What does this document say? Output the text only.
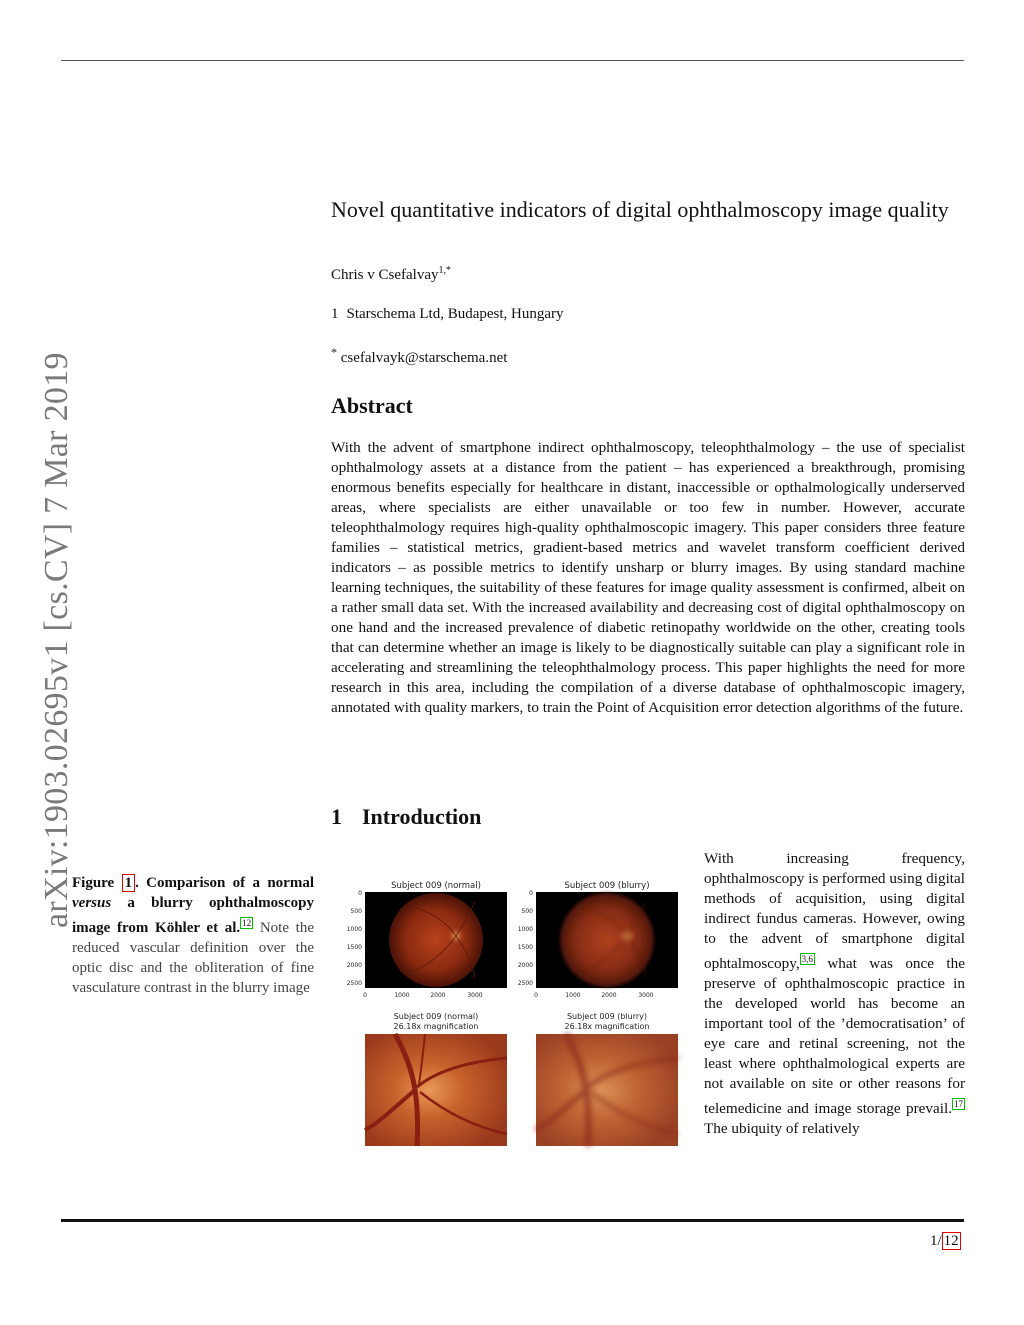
arXiv:1903.02695v1 [cs.CV] 7 Mar 2019
Novel quantitative indicators of digital ophthalmoscopy image quality
Chris v Csefalvay$^{1,*}$
1 Starschema Ltd, Budapest, Hungary
* csefalvayk@starschema.net
Abstract

With the advent of smartphone indirect ophthalmoscopy, teleophthalmology – the use of specialist ophthalmology assets at a distance from the patient – has experienced a breakthrough, promising enormous benefits especially for healthcare in distant, inaccessible or opthalmologically underserved areas, where specialists are either unavailable or too few in number. However, accurate teleophthalmology requires high-quality ophthalmoscopic imagery. This paper considers three feature families – statistical metrics, gradient-based metrics and wavelet transform coefficient derived indicators – as possible metrics to identify unsharp or blurry images. By using standard machine learning techniques, the suitability of these features for image quality assessment is confirmed, albeit on a rather small data set. With the increased availability and decreasing cost of digital ophthalmoscopy on one hand and the increased prevalence of diabetic retinopathy worldwide on the other, creating tools that can determine whether an image is likely to be diagnostically suitable can play a significant role in accelerating and streamlining the teleophthalmology process. This paper highlights the need for more research in this area, including the compilation of a diverse database of ophthalmoscopic imagery, annotated with quality markers, to train the Point of Acquisition error detection algorithms of the future.

1 Introduction

Figure 1 . Comparison of a normal versus a blurry ophthalmoscopy image from Köhler et al. $^{12}$ Note the reduced vascular definition over the optic disc and the obliteration of fine vasculature contrast in the blurry image

Subject 009 (normal)
0
500
1000
1500
2000
2500
0	1000	2000	3000
Subject 009 (blurry)
0
500
1000
1500
2000
2500
0	1000	2000	3000
Subject 009 (normal)
26.18x magnification
Subject 009 (blurry)
26.18x magnification

With increasing frequency, ophthalmoscopy is performed using digital methods of acquisition, using digital indirect fundus cameras. However, owing to the advent of smartphone digital ophtalmoscopy, $^{3,6}$ what was once the preserve of ophthalmoscopic practice in the developed world has become an important tool of the ’democratisation’ of eye care and retinal screening, not the least where ophthalmological experts are not available on site or other reasons for telemedicine and image storage prevail. $^{17}$ The ubiquity of relatively

1/ 12
